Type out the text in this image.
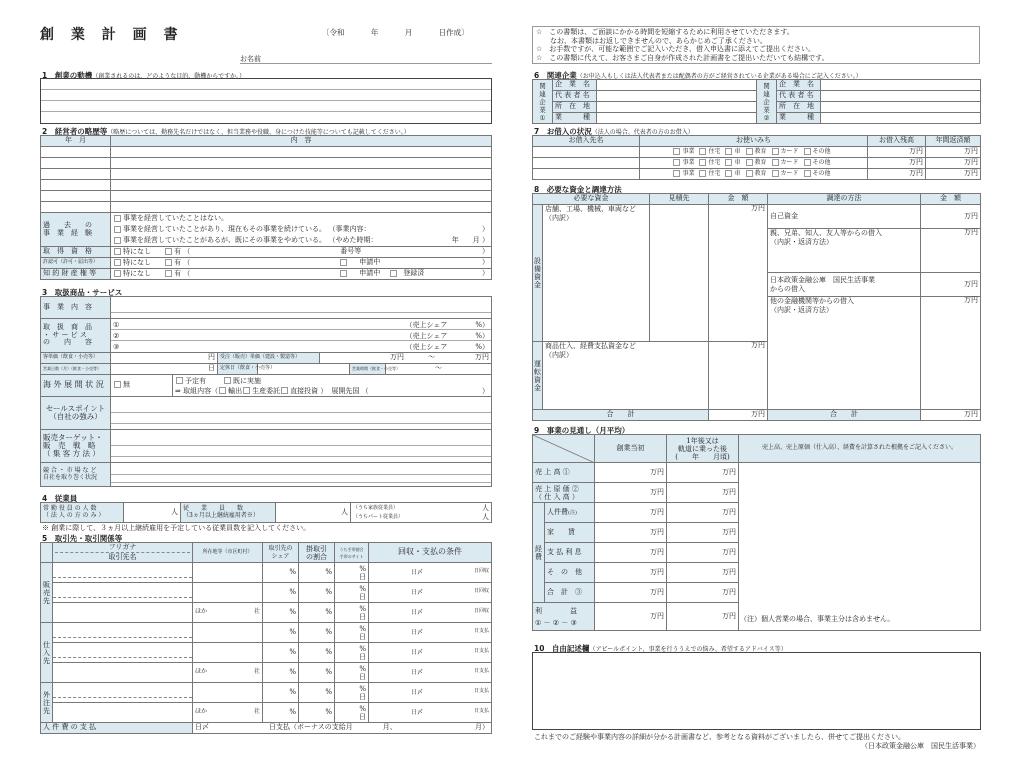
創 業 計 画 書	〔令和	年	月	日作成〕
お名前
1　創業の動機（創業されるのは、どのような目的、動機からですか。）
2　経営者の略歴等（略歴については、勤務先名だけではなく、担当業務や役職、身につけた技能等についても記載してください。）
年　月	内　容

過　　去　　の
事　業　経　験	
事業を経営していたことはない。
事業を経営していたことがあり、現在もその事業を続けている。 （事業内容：	）
事業を経営していたことがあるが、既にその事業をやめている。 （やめた時期：	年　　月 ）

取　得　資　格	特になし	有 （	番号等	）

許認可（許可・届出等）	特になし	有 （	申請中	）

知 的 財 産 権 等	特になし	有 （	申請中	登録済	）
3　取扱商品・サービス
事　業　内　容	

取　扱　商　品
・ サ ー ビ ス
の　　内　　容	
①	%）
（売上シェア
②	%）
（売上シェア
③	%）
（売上シェア

客単価（飲食・小売等）	円	受注（販売）単価（建設・製造等）	万円	～	万円

営業日数（月）（飲食・小売等）	日	定休日（飲食・小売等）		営業時間（飲食・小売等）	～
海 外 展 開 状 況	無	
予定有	既に実施
⇒ 取組内容（ 輸出 生産委託 直接投資 ） 展開先国 （	）

セールスポイント
（自社の強み）	

販売ターゲット・
販　売　戦　略
（ 集 客 方 法 ）	

競 合 ・ 市 場 な ど
自社を取り巻く状況	
4　従業員
常 勤 役 員 の 人 数
（ 法 人 の 方 の み ）	人	従　　業　　員　　数
（3ヵ月以上継続雇用者※）	人	
（うち家族従業員）	人
（うちパート従業員）	人
※ 創業に際して、３ヵ月以上継続雇用を予定している従業員数を記入してください。
5　取引先・取引関係等

フリガナ
取引先名
	所在地等（市区町村）	取引先の
シェア	掛取引
の割合	うち手形割合
手形のサイト	回収・支払の条件
販
売
先	
		%	%	%
日
	日〆	日回収

		%	%	%
日
	日〆	日回収

	ほか	社	%	%	%
日
	日〆	日回収

仕
入
先	
		%	%	%
日
	日〆	日支払

		%	%	%
日
	日〆	日支払

	ほか	社	%	%	%
日
	日〆	日支払

外
注
先	
		%	%	%
日
	日〆	日支払

	ほか	社	%	%	%
日
	日〆	日支払

人 件 費 の 支 払	日〆	日支払（ボーナスの支給月	月、	月）
☆　この書類は、ご面談にかかる時間を短縮するために利用させていただきます。
　　なお、本書類はお返しできませんので、あらかじめご了承ください。
☆　お手数ですが、可能な範囲でご記入いただき、借入申込書に添えてご提出ください。
☆　この書類に代えて、お客さまご自身が作成された計画書をご提出いただいても結構です。
6　関連企業（お申込人もしくは法人代表者または配偶者の方がご経営されている企業がある場合にご記入ください。）
関 連
企 業
①	企　業　名		関 連
企 業
②	企　業　名	
代 表 者 名		代 表 者 名	
所　在　地		所　在　地	
業　　　種		業　　　種	
7　お借入の状況（法人の場合、代表者の方のお借入）
お借入先名	お使いみち	お借入残高	年間返済額
	事業 住宅 車 教育 カード その他	万円	万円
	事業 住宅 車 教育 カード その他	万円	万円
	事業 住宅 車 教育 カード その他	万円	万円
8　必要な資金と調達方法
必要な資金	見積先	金　額	調達の方法	金　額
設
備
資
金	店舗、工場、機械、車両など
（内訳）		万円	自己資金	万円
親、兄弟、知人、友人等からの借入
（内訳・返済方法）	万円
日本政策金融公庫　国民生活事業
からの借入	万円
他の金融機関等からの借入
（内訳・返済方法）	万円
運
転
資
金	商品仕入、経費支払資金など
（内訳）	万円
合　　計	万円	合　　計	万円
9　事業の見通し（月平均）
	創業当初	1年後又は
軌道に乗った後
(　　年　　月頃)	売上高、売上原価（仕入高）、経費を計算された根拠をご記入ください。
売 上 高 ①	万円	万円	
売 上 原 価 ②
（ 仕 入 高 ）	万円	万円
経
費	人件費(注)	万円	万円
家　　賃	万円	万円
支 払 利 息	万円	万円
そ　の　他	万円	万円
合　計　③	万円	万円
利　　　　益
① － ② － ③	万円	万円 （注）個人営業の場合、事業主分は含めません。
10　自由記述欄（アピールポイント、事業を行ううえでの悩み、希望するアドバイス等）
これまでのご経験や事業内容の詳細が分かる計画書など、参考となる資料がございましたら、併せてご提出ください。
（日本政策金融公庫　国民生活事業）
